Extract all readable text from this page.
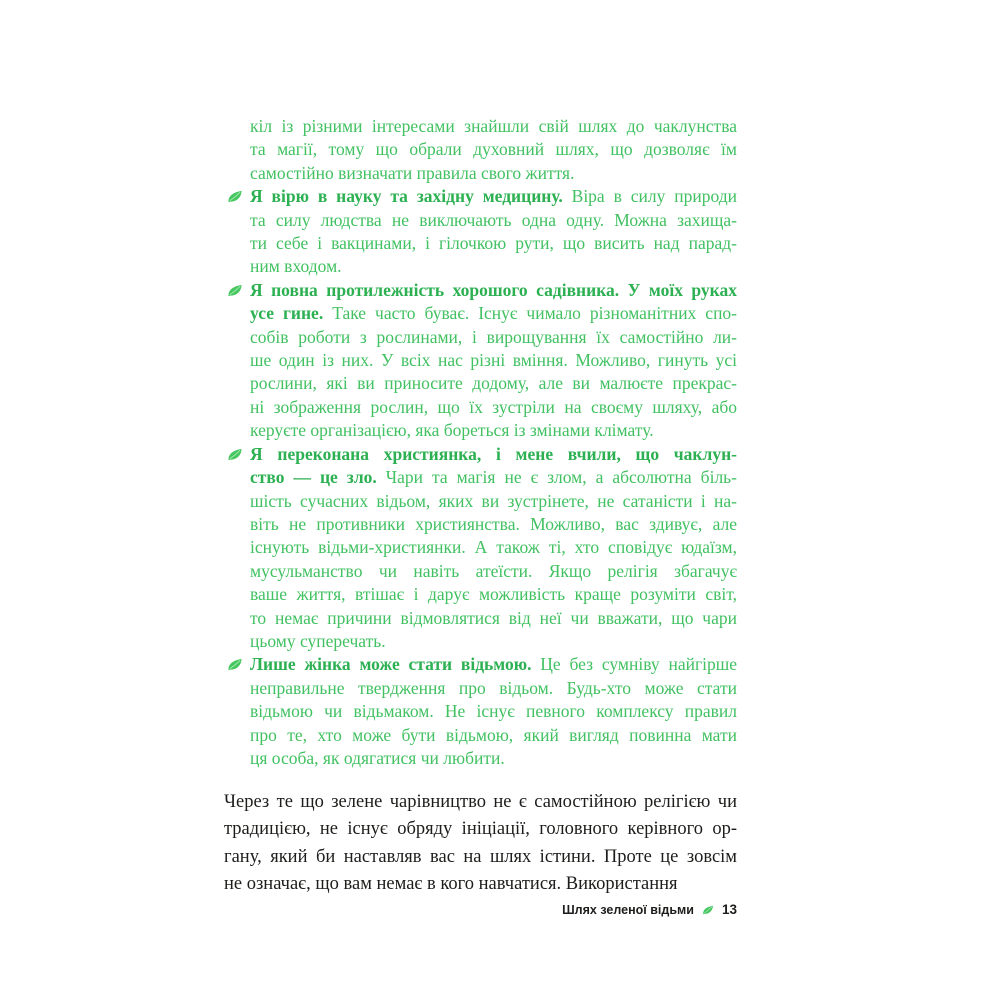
кіл із різними інтересами знайшли свій шлях до чаклунства
та магії, тому що обрали духовний шлях, що дозволяє їм
самостійно визначати правила свого життя.
Я вірю в науку та західну медицину. Віра в силу природи
та силу людства не виключають одна одну. Можна захища-
ти себе і вакцинами, і гілочкою рути, що висить над парад-
ним входом.
Я повна протилежність хорошого садівника. У моїх руках
усе гине. Таке часто буває. Існує чимало різноманітних спо-
собів роботи з рослинами, і вирощування їх самостійно ли-
ше один із них. У всіх нас різні вміння. Можливо, гинуть усі
рослини, які ви приносите додому, але ви малюєте прекрас-
ні зображення рослин, що їх зустріли на своєму шляху, або
керуєте організацією, яка бореться із змінами клімату.
Я переконана християнка, і мене вчили, що чаклун-
ство — це зло. Чари та магія не є злом, а абсолютна біль-
шість сучасних відьом, яких ви зустрінете, не сатаністи і на-
віть не противники християнства. Можливо, вас здивує, але
існують відьми-християнки. А також ті, хто сповідує юдаїзм,
мусульманство чи навіть атеїсти. Якщо релігія збагачує
ваше життя, втішає і дарує можливість краще розуміти світ,
то немає причини відмовлятися від неї чи вважати, що чари
цьому суперечать.
Лише жінка може стати відьмою. Це без сумніву найгірше
неправильне твердження про відьом. Будь-хто може стати
відьмою чи відьмаком. Не існує певного комплексу правил
про те, хто може бути відьмою, який вигляд повинна мати
ця особа, як одягатися чи любити.
Через те що зелене чарівництво не є самостійною релігією чи
традицією, не існує обряду ініціації, головного керівного ор-
гану, який би наставляв вас на шлях істини. Проте це зовсім
не означає, що вам немає в кого навчатися. Використання
Шлях зеленої відьми 13
